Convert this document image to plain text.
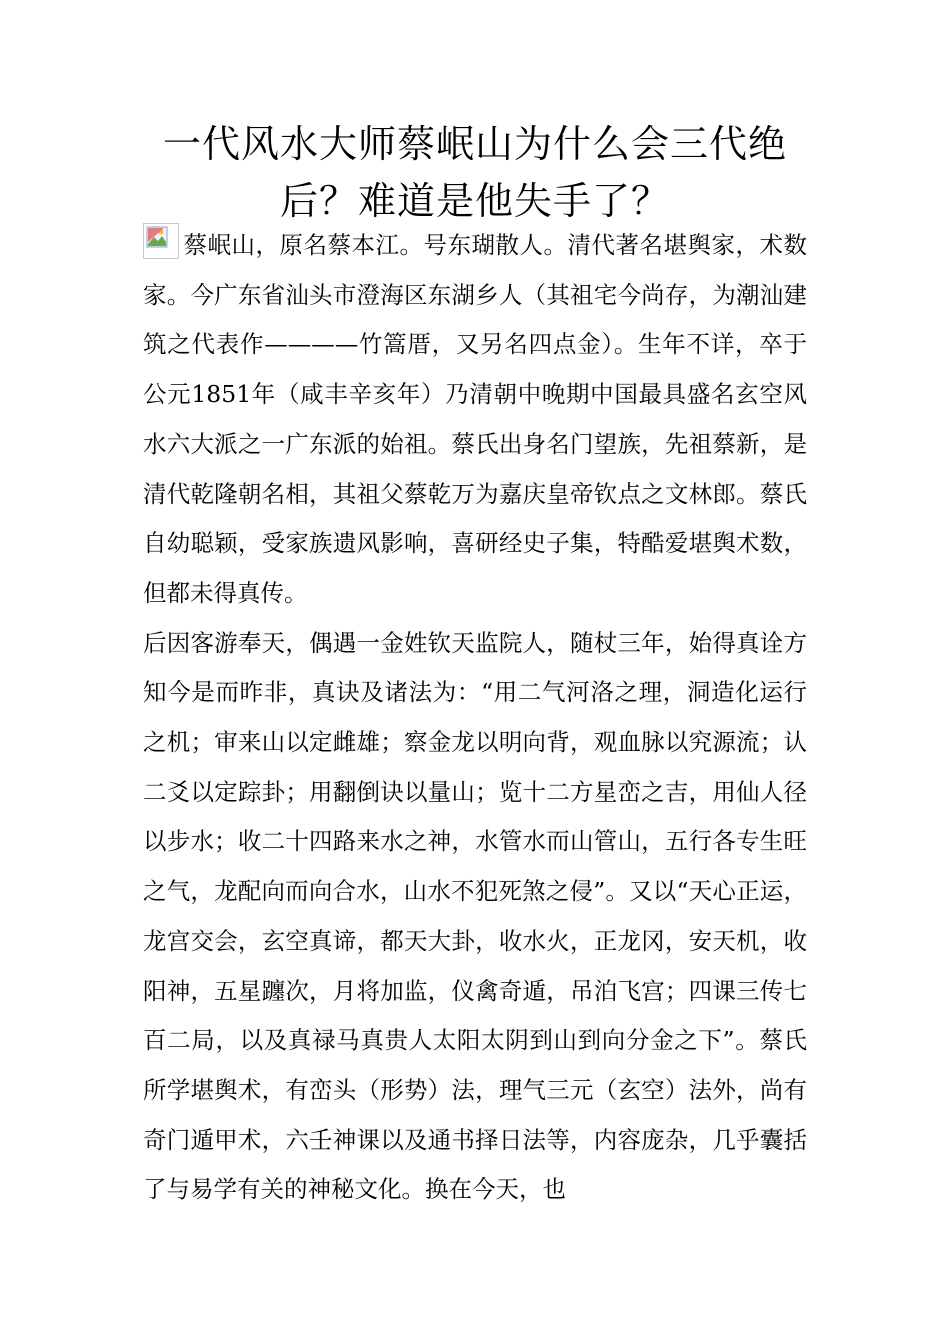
一代风水大师蔡岷山为什么会三代绝后？难道是他失手了？

蔡岷山，原名蔡本江。号东瑚散人。清代著名堪舆家，术数家。今广东省汕头市澄海区东湖乡人（其祖宅今尚存，为潮汕建筑之代表作————竹篙厝，又另名四点金）。生年不详，卒于公元1851年（咸丰辛亥年）乃清朝中晚期中国最具盛名玄空风水六大派之一广东派的始祖。蔡氏出身名门望族，先祖蔡新，是清代乾隆朝名相，其祖父蔡乾万为嘉庆皇帝钦点之文林郎。蔡氏自幼聪颖，受家族遗风影响，喜研经史子集，特酷爱堪舆术数，但都未得真传。

后因客游奉天，偶遇一金姓钦天监院人，随杖三年，始得真诠方知今是而昨非，真诀及诸法为：“用二气河洛之理，洞造化运行之机；审来山以定雌雄；察金龙以明向背，观血脉以究源流；认二爻以定踪卦；用翻倒诀以量山；览十二方星峦之吉，用仙人径以步水；收二十四路来水之神，水管水而山管山，五行各专生旺之气，龙配向而向合水，山水不犯死煞之侵”。又以“天心正运，龙宫交会，玄空真谛，都天大卦，收水火，正龙冈，安天机，收阳神，五星躔次，月将加监，仪禽奇遁，吊泊飞宫；四课三传七百二局，以及真禄马真贵人太阳太阴到山到向分金之下”。蔡氏所学堪舆术，有峦头（形势）法，理气三元（玄空）法外，尚有奇门遁甲术，六壬神课以及通书择日法等，内容庞杂，几乎囊括了与易学有关的神秘文化。换在今天，也
